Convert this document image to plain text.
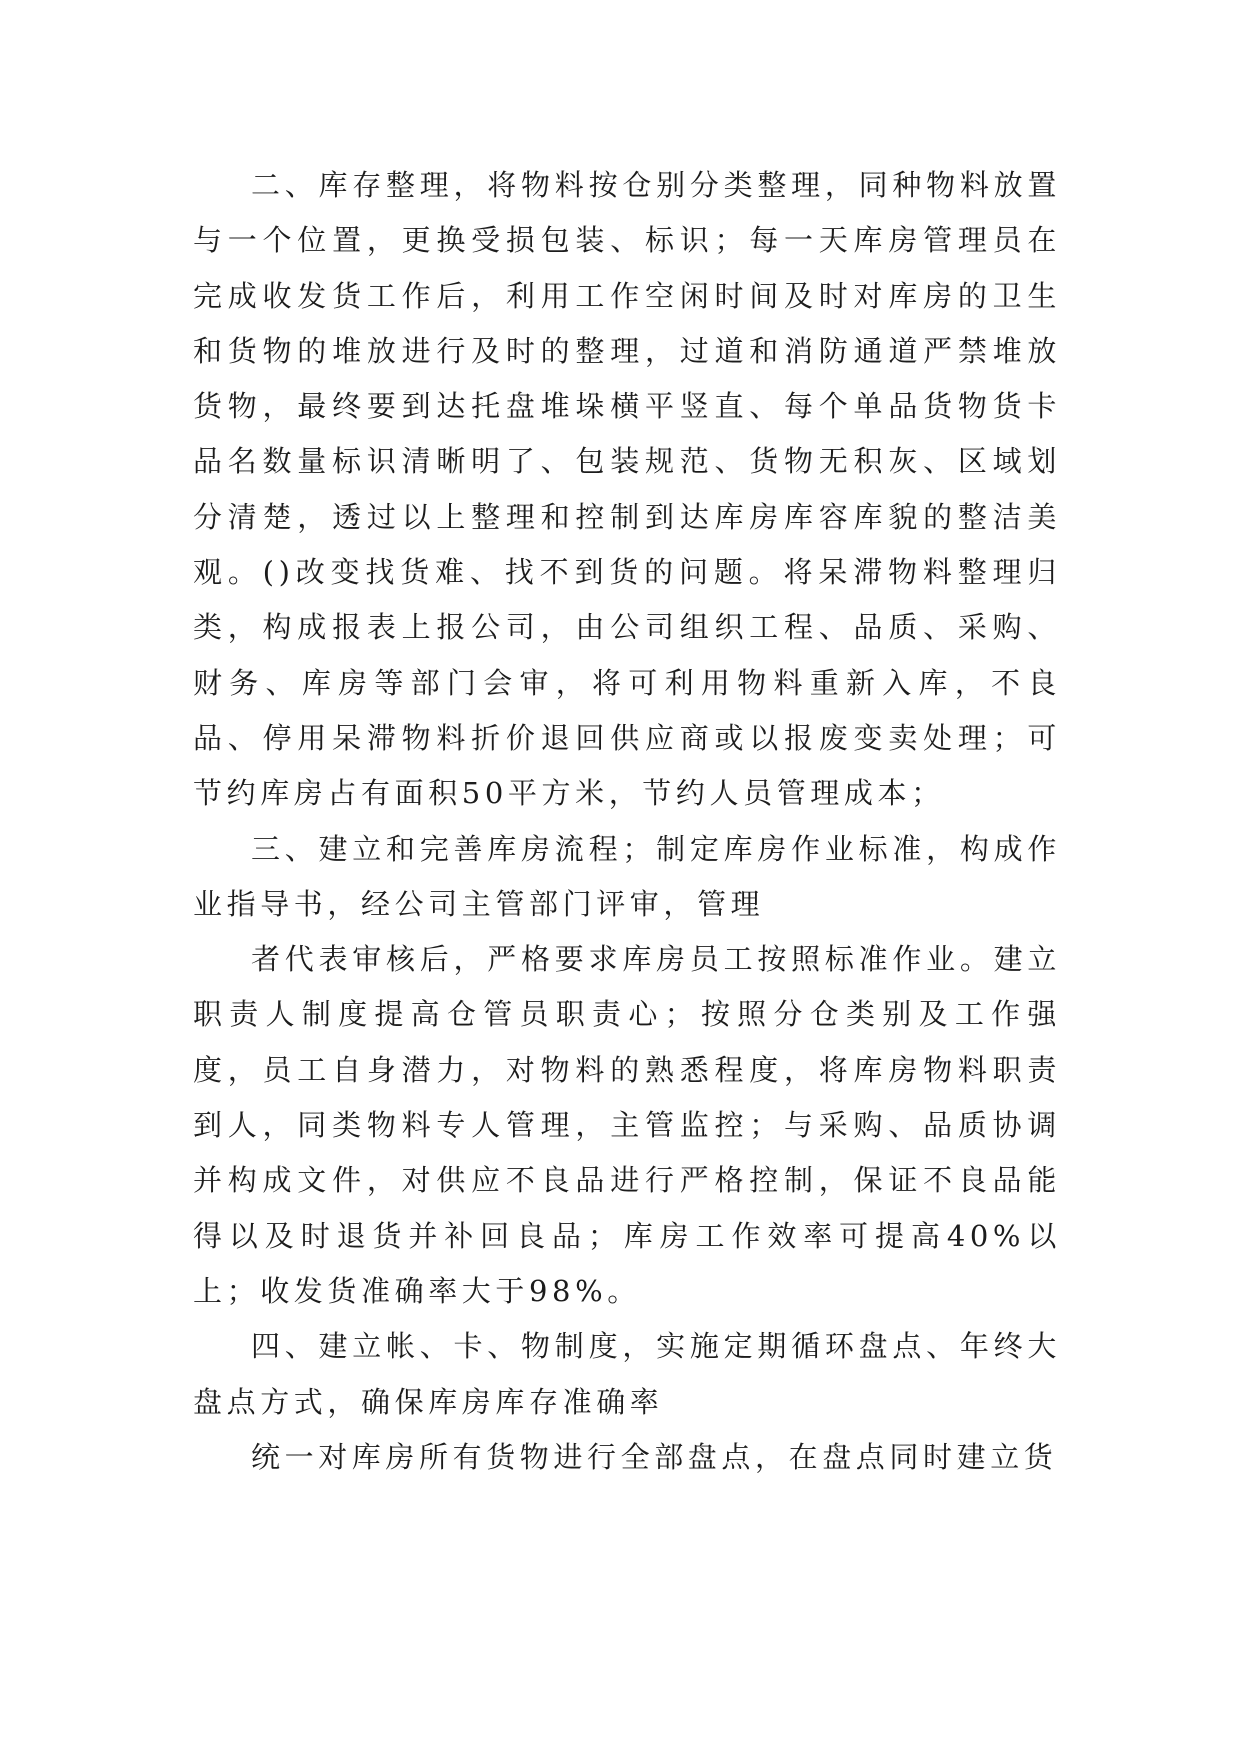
二、库存整理，将物料按仓别分类整理，同种物料放置与一个位置，更换受损包装、标识；每一天库房管理员在完成收发货工作后，利用工作空闲时间及时对库房的卫生和货物的堆放进行及时的整理，过道和消防通道严禁堆放货物，最终要到达托盘堆垛横平竖直、每个单品货物货卡品名数量标识清晰明了、包装规范、货物无积灰、区域划分清楚，透过以上整理和控制到达库房库容库貌的整洁美观。()改变找货难、找不到货的问题。将呆滞物料整理归类，构成报表上报公司，由公司组织工程、品质、采购、财务、库房等部门会审，将可利用物料重新入库，不良品、停用呆滞物料折价退回供应商或以报废变卖处理；可节约库房占有面积50平方米，节约人员管理成本；

三、建立和完善库房流程；制定库房作业标准，构成作业指导书，经公司主管部门评审，管理

者代表审核后，严格要求库房员工按照标准作业。建立职责人制度提高仓管员职责心；按照分仓类别及工作强度，员工自身潜力，对物料的熟悉程度，将库房物料职责到人，同类物料专人管理，主管监控；与采购、品质协调并构成文件，对供应不良品进行严格控制，保证不良品能得以及时退货并补回良品；库房工作效率可提高40%以上；收发货准确率大于98%。

四、建立帐、卡、物制度，实施定期循环盘点、年终大盘点方式，确保库房库存准确率

统一对库房所有货物进行全部盘点，在盘点同时建立货
